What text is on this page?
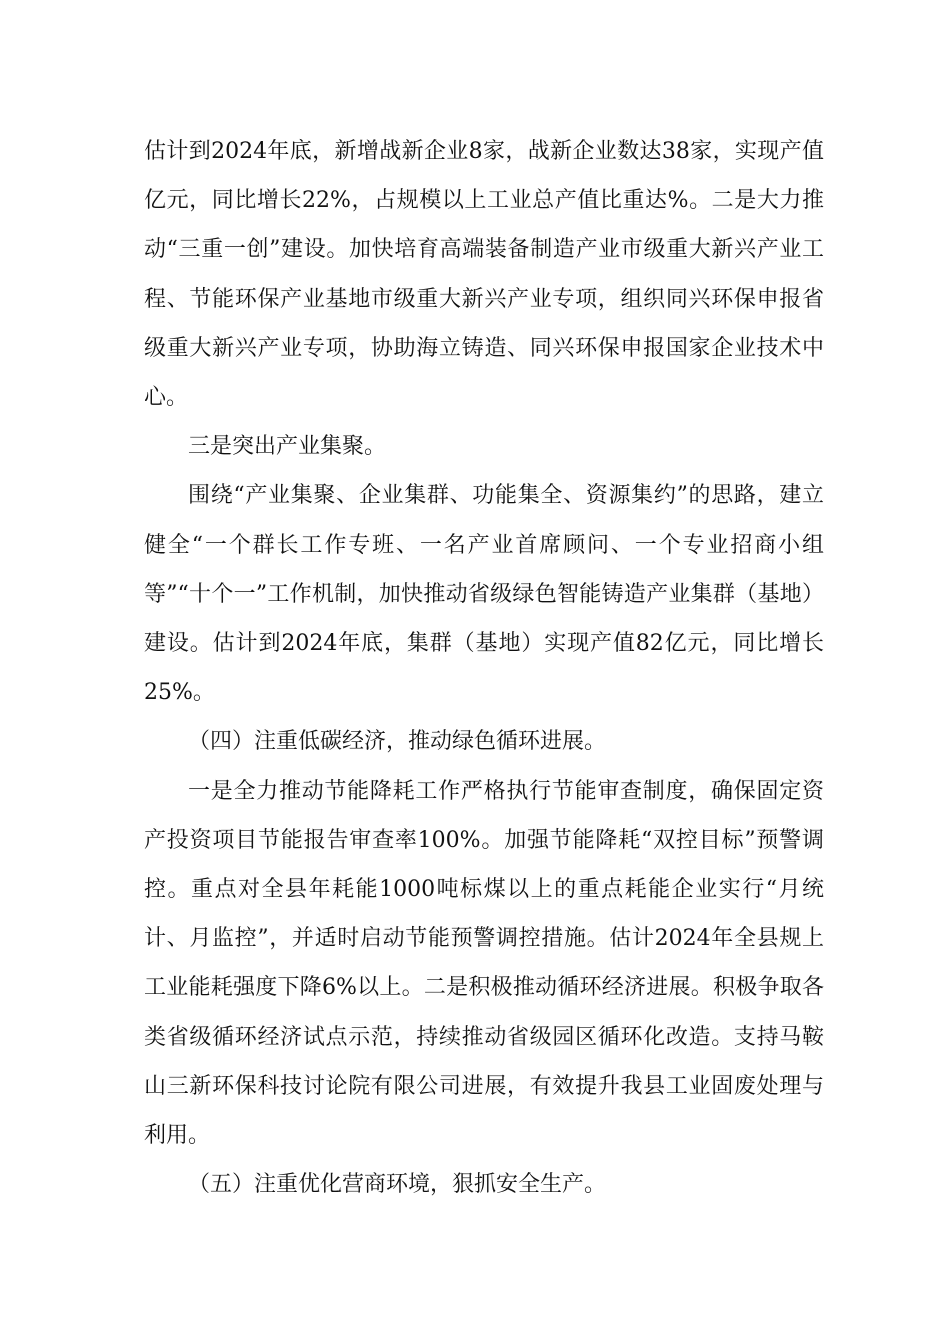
估计到2024年底，新增战新企业8家，战新企业数达38家，实现产值亿元，同比增长22%，占规模以上工业总产值比重达%。二是大力推动“三重一创”建设。加快培育高端装备制造产业市级重大新兴产业工程、节能环保产业基地市级重大新兴产业专项，组织同兴环保申报省级重大新兴产业专项，协助海立铸造、同兴环保申报国家企业技术中心。

三是突出产业集聚。

围绕“产业集聚、企业集群、功能集全、资源集约”的思路，建立健全“一个群长工作专班、一名产业首席顾问、一个专业招商小组等”“十个一”工作机制，加快推动省级绿色智能铸造产业集群（基地）建设。估计到2024年底，集群（基地）实现产值82亿元，同比增长25%。

（四）注重低碳经济，推动绿色循环进展。

一是全力推动节能降耗工作严格执行节能审查制度，确保固定资产投资项目节能报告审查率100%。加强节能降耗“双控目标”预警调控。重点对全县年耗能1000吨标煤以上的重点耗能企业实行“月统计、月监控”，并适时启动节能预警调控措施。估计2024年全县规上工业能耗强度下降6%以上。二是积极推动循环经济进展。积极争取各类省级循环经济试点示范，持续推动省级园区循环化改造。支持马鞍山三新环保科技讨论院有限公司进展，有效提升我县工业固废处理与利用。

（五）注重优化营商环境，狠抓安全生产。
